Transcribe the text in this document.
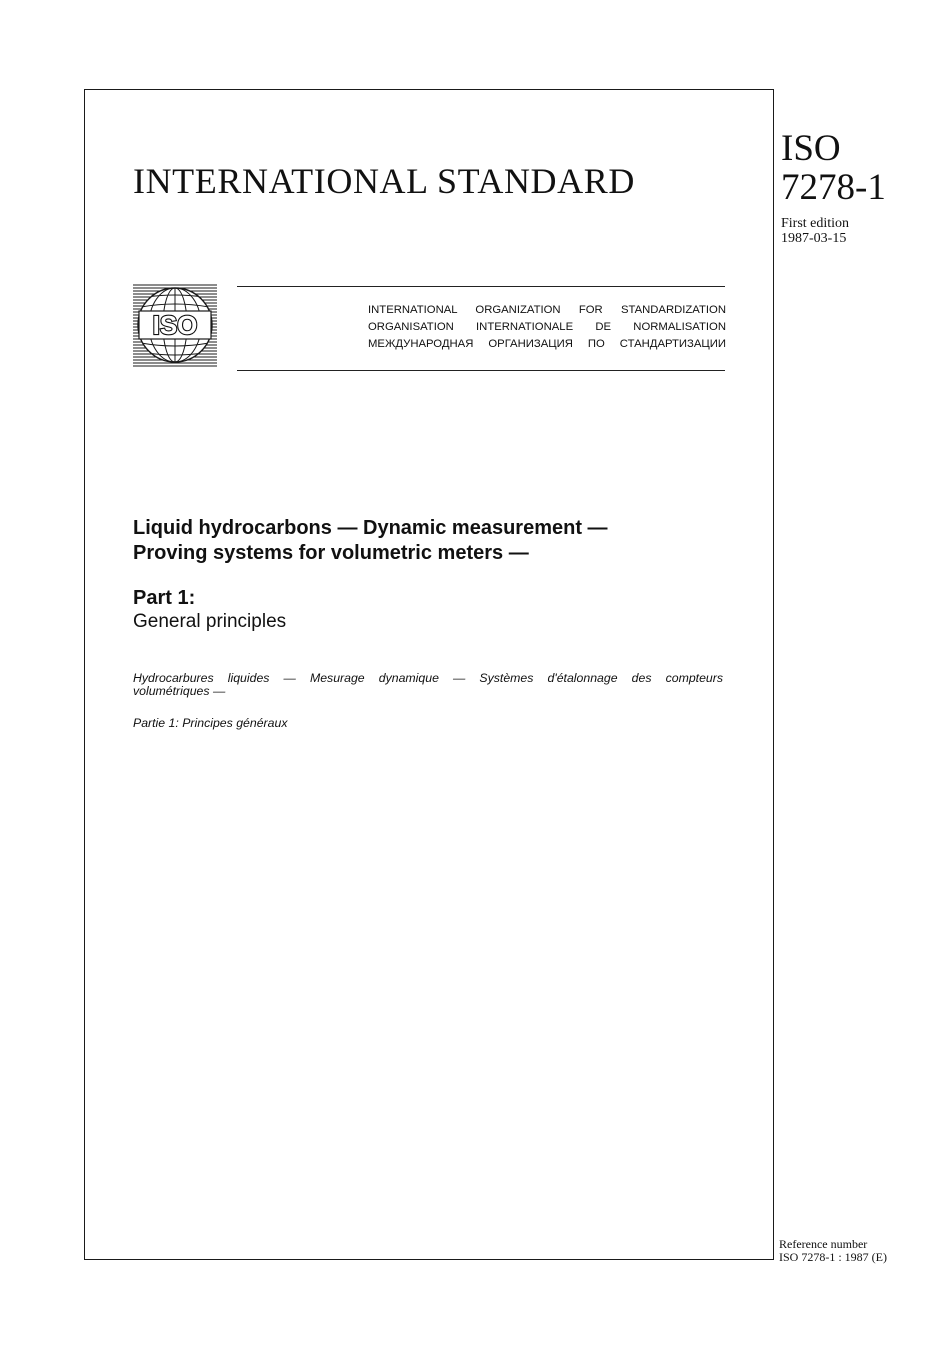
INTERNATIONAL STANDARD
ISO
7278-1
First edition
1987-03-15
ISO	INTERNATIONAL ORGANIZATION FOR STANDARDIZATION
ORGANISATION INTERNATIONALE DE NORMALISATION
МЕЖДУНАРОДНАЯ ОРГАНИЗАЦИЯ ПО СТАНДАРТИЗАЦИИ
Liquid hydrocarbons — Dynamic measurement —
Proving systems for volumetric meters —
Part 1:
General principles
Hydrocarbures liquides — Mesurage dynamique — Systèmes d'étalonnage des compteurs
volumétriques —
Partie 1: Principes généraux
Reference number
ISO 7278-1 : 1987 (E)
